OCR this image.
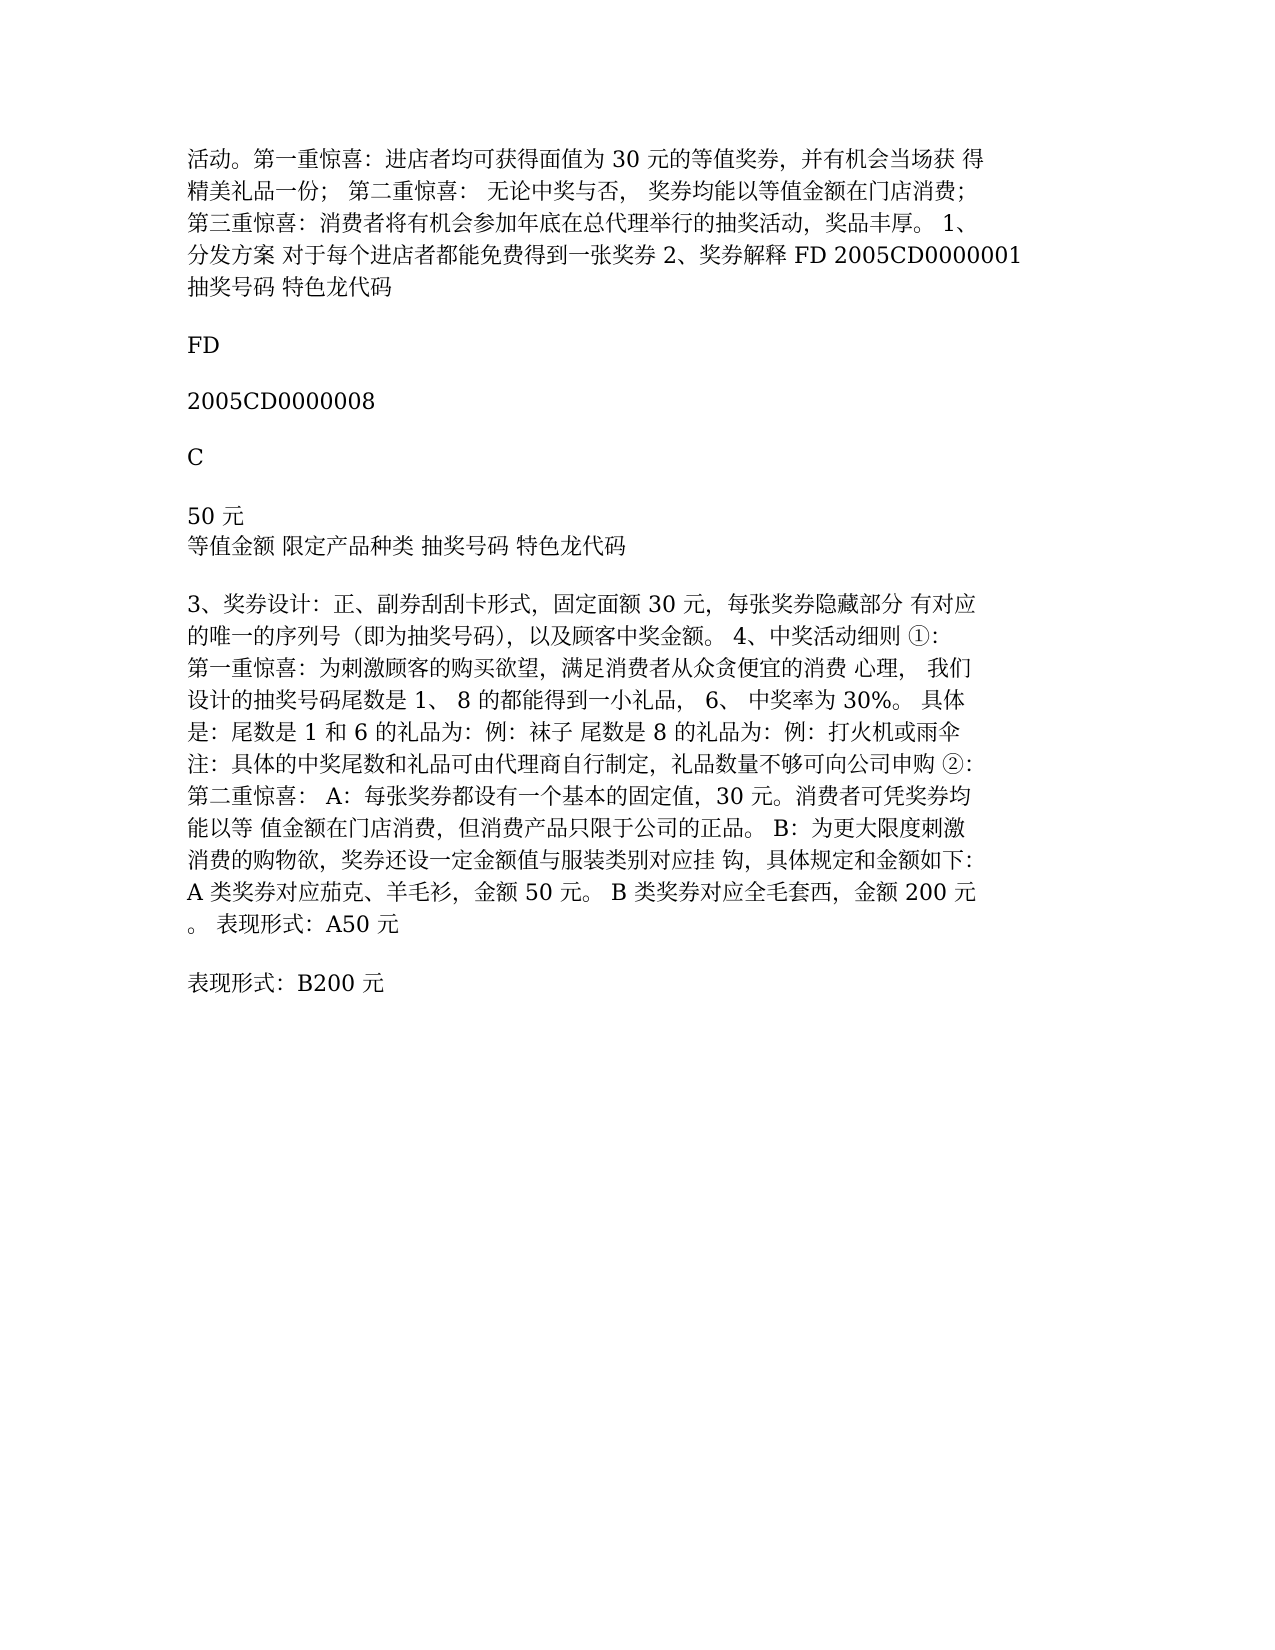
活动。第一重惊喜：进店者均可获得面值为 30 元的等值奖券，并有机会当场获 得
精美礼品一份； 第二重惊喜： 无论中奖与否， 奖券均能以等值金额在门店消费；
第三重惊喜：消费者将有机会参加年底在总代理举行的抽奖活动，奖品丰厚。 1、
分发方案 对于每个进店者都能免费得到一张奖券 2、奖券解释 FD 2005CD0000001
抽奖号码 特色龙代码
FD
2005CD0000008
C
50 元
等值金额 限定产品种类 抽奖号码 特色龙代码
3、奖券设计：正、副券刮刮卡形式，固定面额 30 元，每张奖券隐藏部分 有对应
的唯一的序列号（即为抽奖号码），以及顾客中奖金额。 4、中奖活动细则 ①：
第一重惊喜：为刺激顾客的购买欲望，满足消费者从众贪便宜的消费 心理， 我们
设计的抽奖号码尾数是 1、 8 的都能得到一小礼品， 6、 中奖率为 30%。 具体
是：尾数是 1 和 6 的礼品为：例：袜子 尾数是 8 的礼品为：例：打火机或雨伞
注：具体的中奖尾数和礼品可由代理商自行制定，礼品数量不够可向公司申购 ②：
第二重惊喜： A：每张奖券都设有一个基本的固定值，30 元。消费者可凭奖券均
能以等 值金额在门店消费，但消费产品只限于公司的正品。 B：为更大限度刺激
消费的购物欲，奖券还设一定金额值与服装类别对应挂 钩，具体规定和金额如下：
A 类奖券对应茄克、羊毛衫，金额 50 元。 B 类奖券对应全毛套西，金额 200 元
。 表现形式：A50 元
表现形式：B200 元
